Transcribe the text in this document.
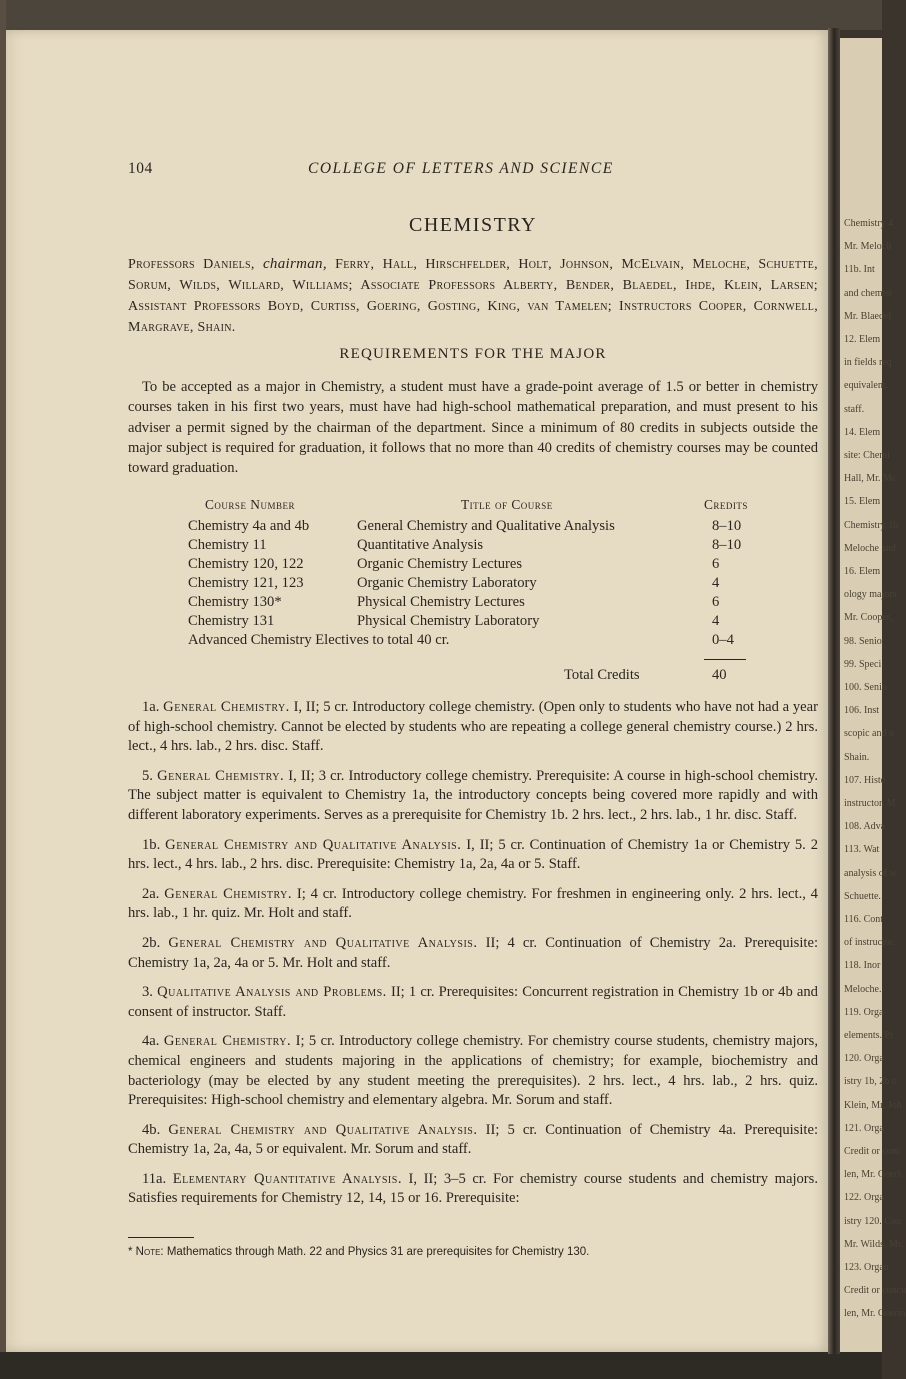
Chemistry 4
Mr. Meloch
11b. Int
and chemist
Mr. Blaedel
12. Elem
in fields req
equivalent.
staff.
14. Elem
site: Chemi
Hall, Mr. Mc
15. Elem
Chemistry 1b
Meloche and
16. Elem
ology majors
Mr. Cooper,
98. Senio
99. Speci
100. Senio
106. Inst
scopic and o
Shain.
107. Histo
instructor. M
108. Adva
113. Wat
analysis of w
Schuette.
116. Cont
of instructor.
118. Inor
Meloche.
119. Orga
elements. Pr
120. Orga
istry 1b, 2b o
Klein, Mr. Joh
121. Orga
Credit or conc
len, Mr. Goeri
122. Orga
istry 120. Cou
Mr. Wilds, Mr.
123. Organ
Credit or concu
len, Mr. Goerin
104	COLLEGE OF LETTERS AND SCIENCE
CHEMISTRY
Professors Daniels, chairman, Ferry, Hall, Hirschfelder, Holt, Johnson, McElvain, Meloche, Schuette, Sorum, Wilds, Willard, Williams; Associate Professors Alberty, Bender, Blaedel, Ihde, Klein, Larsen; Assistant Professors Boyd, Curtiss, Goering, Gosting, King, van Tamelen; Instructors Cooper, Cornwell, Margrave, Shain.
REQUIREMENTS FOR THE MAJOR
To be accepted as a major in Chemistry, a student must have a grade-point average of 1.5 or better in chemistry courses taken in his first two years, must have had high-school mathematical preparation, and must present to his adviser a permit signed by the chairman of the department. Since a minimum of 80 credits in subjects outside the major subject is required for graduation, it follows that no more than 40 credits of chemistry courses may be counted toward graduation.
Course Number	Title of Course	Credits
Chemistry 4a and 4b	General Chemistry and Qualitative Analysis	8–10
Chemistry 11	Quantitative Analysis	8–10
Chemistry 120, 122	Organic Chemistry Lectures	6
Chemistry 121, 123	Organic Chemistry Laboratory	4
Chemistry 130*	Physical Chemistry Lectures	6
Chemistry 131	Physical Chemistry Laboratory	4
Advanced Chemistry Electives to total 40 cr.	0–4
Total Credits	40

1a. General Chemistry. I, II; 5 cr. Introductory college chemistry. (Open only to students who have not had a year of high-school chemistry. Cannot be elected by students who are repeating a college general chemistry course.) 2 hrs. lect., 4 hrs. lab., 2 hrs. disc. Staff.

5. General Chemistry. I, II; 3 cr. Introductory college chemistry. Prerequisite: A course in high-school chemistry. The subject matter is equivalent to Chemistry 1a, the introductory concepts being covered more rapidly and with different laboratory experiments. Serves as a prerequisite for Chemistry 1b. 2 hrs. lect., 2 hrs. lab., 1 hr. disc. Staff.

1b. General Chemistry and Qualitative Analysis. I, II; 5 cr. Continuation of Chemistry 1a or Chemistry 5. 2 hrs. lect., 4 hrs. lab., 2 hrs. disc. Prerequisite: Chemistry 1a, 2a, 4a or 5. Staff.

2a. General Chemistry. I; 4 cr. Introductory college chemistry. For freshmen in engineering only. 2 hrs. lect., 4 hrs. lab., 1 hr. quiz. Mr. Holt and staff.

2b. General Chemistry and Qualitative Analysis. II; 4 cr. Continuation of Chemistry 2a. Prerequisite: Chemistry 1a, 2a, 4a or 5. Mr. Holt and staff.

3. Qualitative Analysis and Problems. II; 1 cr. Prerequisites: Concurrent registration in Chemistry 1b or 4b and consent of instructor. Staff.

4a. General Chemistry. I; 5 cr. Introductory college chemistry. For chemistry course students, chemistry majors, chemical engineers and students majoring in the applications of chemistry; for example, biochemistry and bacteriology (may be elected by any student meeting the prerequisites). 2 hrs. lect., 4 hrs. lab., 2 hrs. quiz. Prerequisites: High-school chemistry and elementary algebra. Mr. Sorum and staff.

4b. General Chemistry and Qualitative Analysis. II; 5 cr. Continuation of Chemistry 4a. Prerequisite: Chemistry 1a, 2a, 4a, 5 or equivalent. Mr. Sorum and staff.

11a. Elementary Quantitative Analysis. I, II; 3–5 cr. For chemistry course students and chemistry majors. Satisfies requirements for Chemistry 12, 14, 15 or 16. Prerequisite:

* Note: Mathematics through Math. 22 and Physics 31 are prerequisites for Chemistry 130.
